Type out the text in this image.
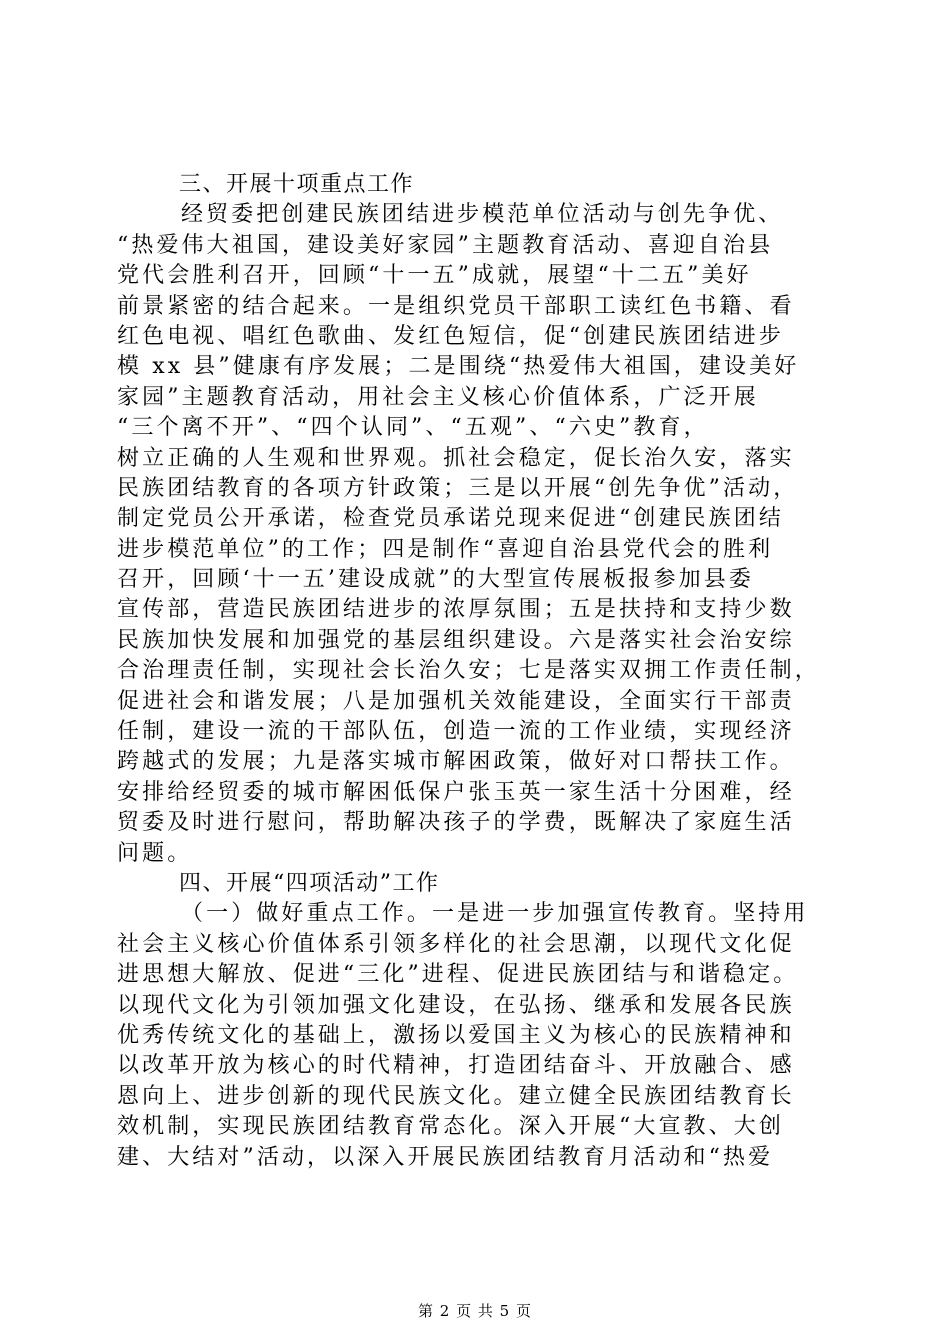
三、开展十项重点工作
经贸委把创建民族团结进步模范单位活动与创先争优、
“热爱伟大祖国，建设美好家园”主题教育活动、喜迎自治县
党代会胜利召开，回顾“十一五”成就，展望“十二五”美好
前景紧密的结合起来。一是组织党员干部职工读红色书籍、看
红色电视、唱红色歌曲、发红色短信，促“创建民族团结进步
模 xx 县”健康有序发展；二是围绕“热爱伟大祖国，建设美好
家园”主题教育活动，用社会主义核心价值体系，广泛开展
“三个离不开”、“四个认同”、“五观”、“六史”教育，
树立正确的人生观和世界观。抓社会稳定，促长治久安，落实
民族团结教育的各项方针政策；三是以开展“创先争优”活动，
制定党员公开承诺，检查党员承诺兑现来促进“创建民族团结
进步模范单位”的工作；四是制作“喜迎自治县党代会的胜利
召开，回顾‘十一五’建设成就”的大型宣传展板报参加县委
宣传部，营造民族团结进步的浓厚氛围；五是扶持和支持少数
民族加快发展和加强党的基层组织建设。六是落实社会治安综
合治理责任制，实现社会长治久安；七是落实双拥工作责任制，
促进社会和谐发展；八是加强机关效能建设，全面实行干部责
任制，建设一流的干部队伍，创造一流的工作业绩，实现经济
跨越式的发展；九是落实城市解困政策，做好对口帮扶工作。
安排给经贸委的城市解困低保户张玉英一家生活十分困难，经
贸委及时进行慰问，帮助解决孩子的学费，既解决了家庭生活
问题。
四、开展“四项活动”工作
（一）做好重点工作。一是进一步加强宣传教育。坚持用
社会主义核心价值体系引领多样化的社会思潮，以现代文化促
进思想大解放、促进“三化”进程、促进民族团结与和谐稳定。
以现代文化为引领加强文化建设，在弘扬、继承和发展各民族
优秀传统文化的基础上，激扬以爱国主义为核心的民族精神和
以改革开放为核心的时代精神，打造团结奋斗、开放融合、感
恩向上、进步创新的现代民族文化。建立健全民族团结教育长
效机制，实现民族团结教育常态化。深入开展“大宣教、大创
建、大结对”活动，以深入开展民族团结教育月活动和“热爱
第 2 页 共 5 页
